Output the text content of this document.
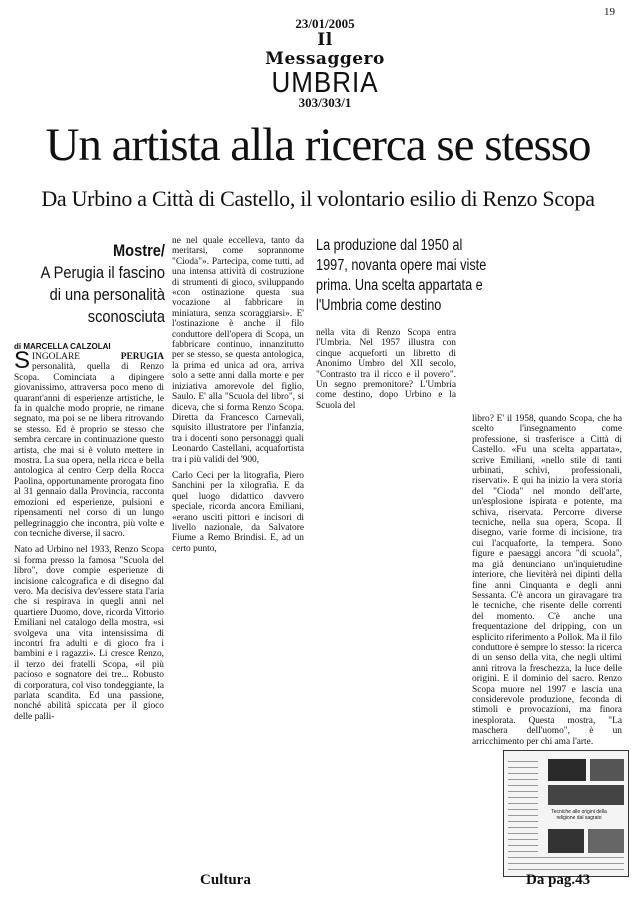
19
23/01/2005
Il Messaggero
UMBRIA
303/303/1
Un artista alla ricerca se stesso
Da Urbino a Città di Castello, il volontario esilio di Renzo Scopa
Mostre/
A Perugia il fascino di una personalità sconosciuta
di MARCELLA CALZOLAI

S	PERUGIA
INGOLARE personalità, quella di Renzo Scopa. Cominciata a dipingere giovanissimo, attraversa poco meno di quarant'anni di esperienze artistiche, le fa in qualche modo proprie, ne rimane segnato, ma poi se ne libera ritrovando se stesso. Ed è proprio se stesso che sembra cercare in continuazione questo artista, che mai si è voluto mettere in mostra. La sua opera, nella ricca e bella antologica al centro Cerp della Rocca Paolina, opportunamente prorogata fino al 31 gennaio dalla Provincia, racconta emozioni ed esperienze, pulsioni e ripensamenti nel corso di un lungo pellegrinaggio che incontra, più volte e con tecniche diverse, il sacro.

Nato ad Urbino nel 1933, Renzo Scopa si forma presso la famosa "Scuola del libro", dove compie esperienze di incisione calcografica e di disegno dal vero. Ma decisiva dev'essere stata l'aria che si respirava in quegli anni nel quartiere Duomo, dove, ricorda Vittorio Emiliani nel catalogo della mostra, «si svolgeva una vita intensissima di incontri fra adulti e di gioco fra i bambini e i ragazzi». Li cresce Renzo, il terzo dei fratelli Scopa, «il più pacioso e sognatore dei tre... Robusto di corporatura, col viso tondeggiante, la parlata scandita. Ed una passione, nonché abilità spiccata per il gioco delle palli-

ne nel quale eccelleva, tanto da meritarsi, come soprannome "Cioda"». Partecipa, come tutti, ad una intensa attività di costruzione di strumenti di gioco, sviluppando «con ostinazione questa sua vocazione al fabbricare in miniatura, senza scoraggiarsi». E' l'ostinazione è anche il filo conduttore dell'opera di Scopa, un fabbricare continuo, innanzitutto per se stesso, se questa antologica, la prima ed unica ad ora, arriva solo a sette anni dalla morte e per iniziativa amorevole del figlio, Saulo. E' alla "Scuola del libro", si diceva, che si forma Renzo Scopa. Diretta da Francesco Carnevali, squisito illustratore per l'infanzia, tra i docenti sono personaggi quali Leonardo Castellani, acquafortista tra i più validi del '900,

Carlo Ceci per la litografia, Piero Sanchini per la xilografia. E da quel luogo didattico davvero speciale, ricorda ancora Emiliani, «erano usciti pittori e incisori di livello nazionale, da Salvatore Fiume a Remo Brindisi. E, ad un certo punto,

La produzione dal 1950 al 1997, novanta opere mai viste prima. Una scelta appartata e l'Umbria come destino

nella vita di Renzo Scopa entra l'Umbria. Nel 1957 illustra con cinque acqueforti un libretto di Anonimo Umbro del XII secolo, "Contrasto tra il ricco e il povero". Un segno premonitore? L'Umbria come destino, dopo Urbino e la Scuola del

libro? E' il 1958, quando Scopa, che ha scelto l'insegnamento come professione, si trasferisce a Città di Castello. «Fu una scelta appartata», scrive Emiliani, «nello stile di tanti urbinati, schivi, professionali, riservati». E qui ha inizio la vera storia del "Cioda" nel mondo dell'arte, un'esplosione ispirata e potente, ma schiva, riservata. Percorre diverse tecniche, nella sua opera, Scopa. Il disegno, varie forme di incisione, tra cui l'acquaforte, la tempera. Sono figure e paesaggi ancora "di scuola", ma già denunciano un'inquietudine interiore, che lievitèrà nei dipinti della fine anni Cinquanta e degli anni Sessanta. C'è ancora un giravagare tra le tecniche, che risente delle correnti del momento. C'è anche una frequentazione del dripping, con un esplicito riferimento a Pollok. Ma il filo conduttore è sempre lo stesso: la ricerca di un senso della vita, che negli ultimi anni ritrova la freschezza, la luce delle origini. E il dominio del sacro. Renzo Scopa muore nel 1997 e lascia una considerevole produzione, feconda di stimoli e provocazioni, ma finora inesplorata. Questa mostra, "La maschera dell'uomo", è un arricchimento per chi ama l'arte.

Tecniche alle origini della religione dal sagrato
Cultura	Da pag.43
